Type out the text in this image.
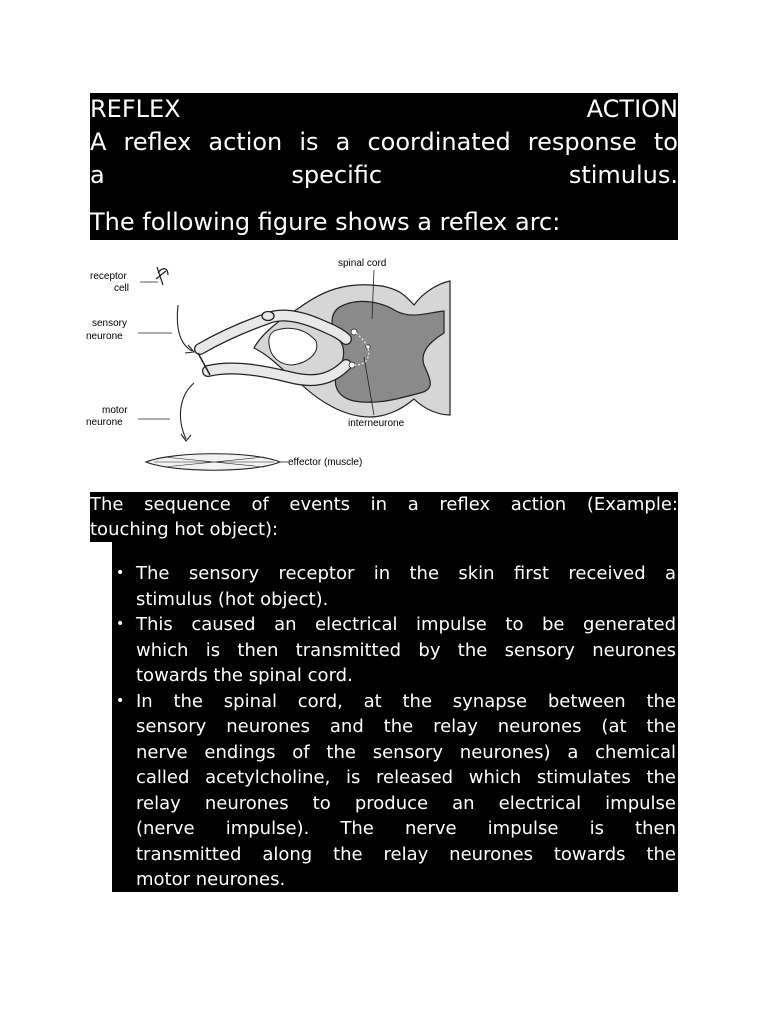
REFLEX	ACTION
A reflex action is a coordinated response to
a	specific	stimulus.
The following figure shows a reflex arc:
receptor
cell
sensory
neurone
motor
neurone
spinal cord
interneurone
effector (muscle)
The sequence of events in a reflex action (Example:
touching hot object):
• The sensory receptor in the skin first received a
stimulus (hot object).
• This caused an electrical impulse to be generated
which is then transmitted by the sensory neurones
towards the spinal cord.
• In the spinal cord, at the synapse between the
sensory neurones and the relay neurones (at the
nerve endings of the sensory neurones) a chemical
called acetylcholine, is released which stimulates the
relay neurones to produce an electrical impulse
(nerve impulse). The nerve impulse is then
transmitted along the relay neurones towards the
motor neurones.
